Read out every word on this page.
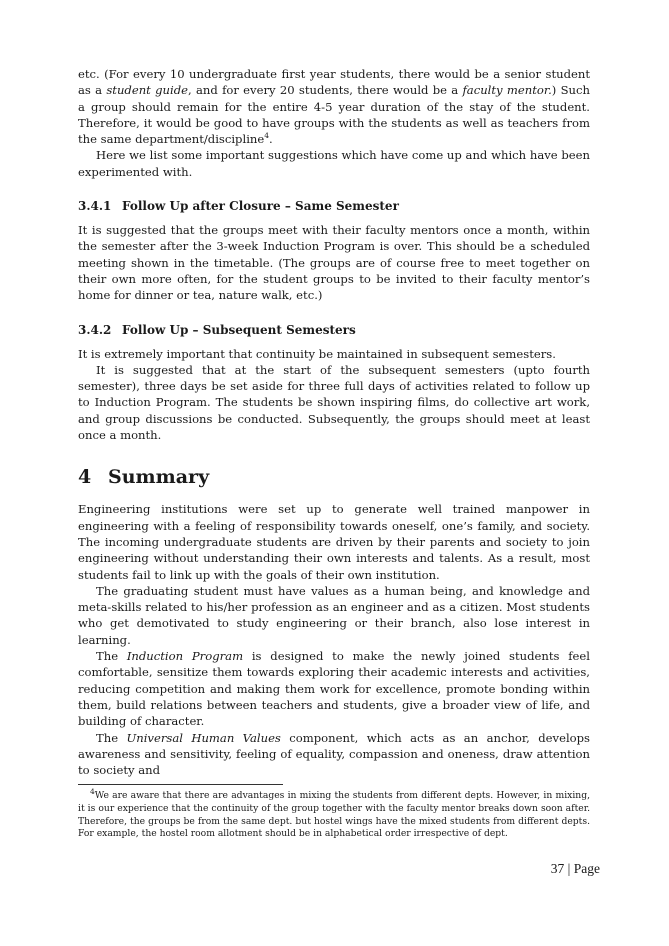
etc. (For every 10 undergraduate first year students, there would be a senior student as a student guide, and for every 20 students, there would be a faculty mentor.) Such a group should remain for the entire 4-5 year duration of the stay of the student. Therefore, it would be good to have groups with the students as well as teachers from the same department/discipline$^4$.

Here we list some important suggestions which have come up and which have been experimented with.

3.4.1 Follow Up after Closure – Same Semester

It is suggested that the groups meet with their faculty mentors once a month, within the semester after the 3-week Induction Program is over. This should be a scheduled meeting shown in the timetable. (The groups are of course free to meet together on their own more often, for the student groups to be invited to their faculty mentor’s home for dinner or tea, nature walk, etc.)

3.4.2 Follow Up – Subsequent Semesters

It is extremely important that continuity be maintained in subsequent semesters.

It is suggested that at the start of the subsequent semesters (upto fourth semester), three days be set aside for three full days of activities related to follow up to Induction Program. The students be shown inspiring films, do collective art work, and group discussions be conducted. Subsequently, the groups should meet at least once a month.

4 Summary

Engineering institutions were set up to generate well trained manpower in engineering with a feeling of responsibility towards oneself, one’s family, and society. The incoming undergraduate students are driven by their parents and society to join engineering without understanding their own interests and talents. As a result, most students fail to link up with the goals of their own institution.

The graduating student must have values as a human being, and knowledge and meta-skills related to his/her profession as an engineer and as a citizen. Most students who get demotivated to study engineering or their branch, also lose interest in learning.

The Induction Program is designed to make the newly joined students feel comfortable, sensitize them towards exploring their academic interests and activities, reducing competition and making them work for excellence, promote bonding within them, build relations between teachers and students, give a broader view of life, and building of character.

The Universal Human Values component, which acts as an anchor, develops awareness and sensitivity, feeling of equality, compassion and oneness, draw attention to society and

$^4$We are aware that there are advantages in mixing the students from different depts. However, in mixing, it is our experience that the continuity of the group together with the faculty mentor breaks down soon after. Therefore, the groups be from the same dept. but hostel wings have the mixed students from different depts. For example, the hostel room allotment should be in alphabetical order irrespective of dept.

37 | Page
